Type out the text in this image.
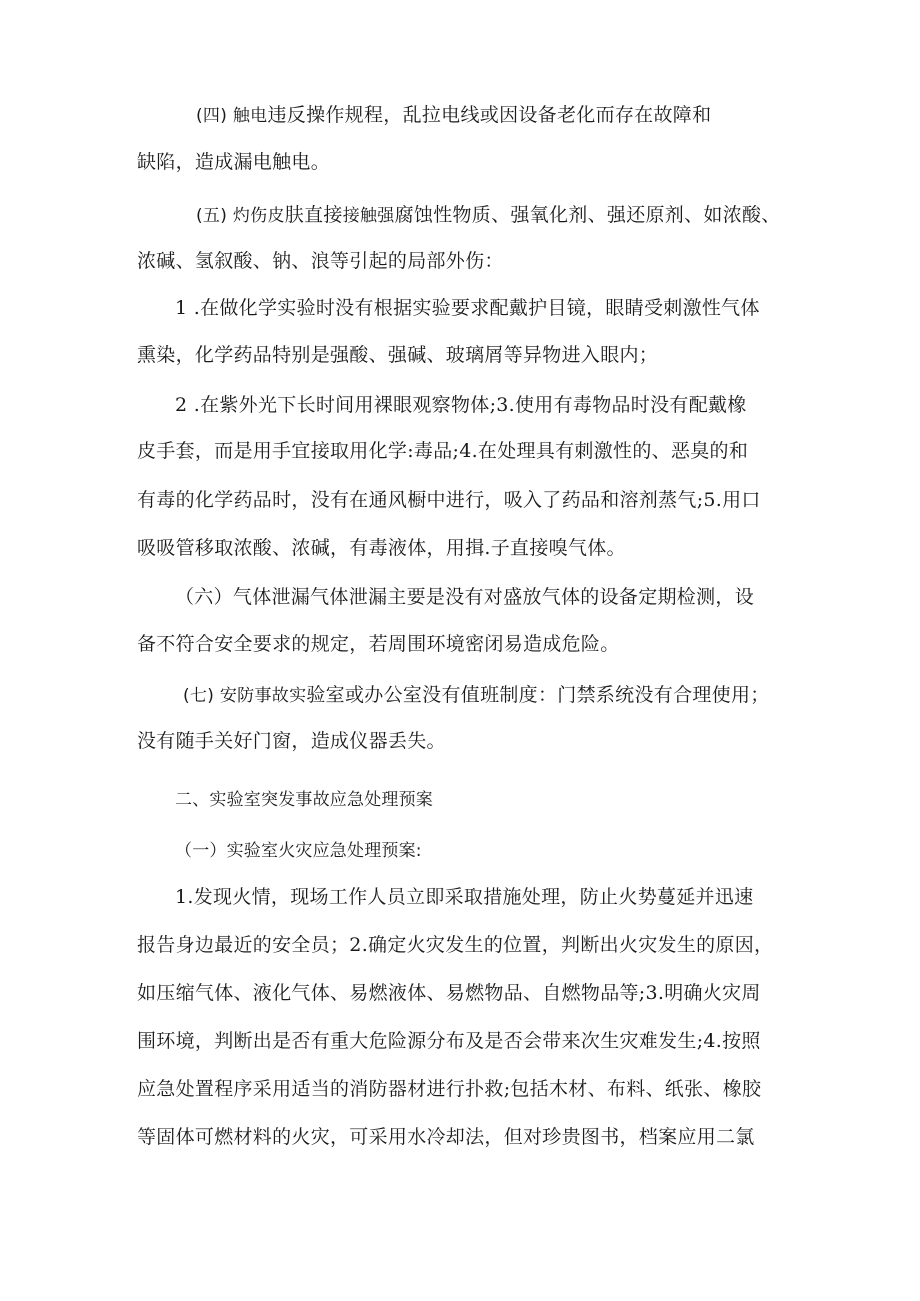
(四) 触电违反操作规程，乱拉电线或因设备老化而存在故障和
缺陷，造成漏电触电。
(五) 灼伤皮肤直接接触强腐蚀性物质、强氧化剂、强还原剂、如浓酸、
浓碱、氢叙酸、钠、浪等引起的局部外伤：
1 .在做化学实验时没有根据实验要求配戴护目镜，眼睛受刺激性气体
熏染，化学药品特别是强酸、强碱、玻璃屑等异物进入眼内；
2 .在紫外光下长时间用裸眼观察物体;3.使用有毒物品时没有配戴橡
皮手套，而是用手宜接取用化学:毒品;4.在处理具有刺激性的、恶臭的和
有毒的化学药品时，没有在通风橱中进行，吸入了药品和溶剂蒸气;5.用口
吸吸管移取浓酸、浓碱，有毒液体，用揖.子直接嗅气体。
（六）气体泄漏气体泄漏主要是没有对盛放气体的设备定期检测，设
备不符合安全要求的规定，若周围环境密闭易造成危险。
(七) 安防事故实验室或办公室没有值班制度：门禁系统没有合理使用；
没有随手关好门窗，造成仪器丢失。
二、实验室突发事故应急处理预案
（一）实验室火灾应急处理预案:
1.发现火情，现场工作人员立即采取措施处理，防止火势蔓延并迅速
报告身边最近的安全员；2.确定火灾发生的位置，判断出火灾发生的原因，
如压缩气体、液化气体、易燃液体、易燃物品、自燃物品等;3.明确火灾周
围环境，判断出是否有重大危险源分布及是否会带来次生灾难发生;4.按照
应急处置程序采用适当的消防器材进行扑救;包括木材、布料、纸张、橡胶
等固体可燃材料的火灾，可采用水冷却法，但对珍贵图书，档案应用二氯
